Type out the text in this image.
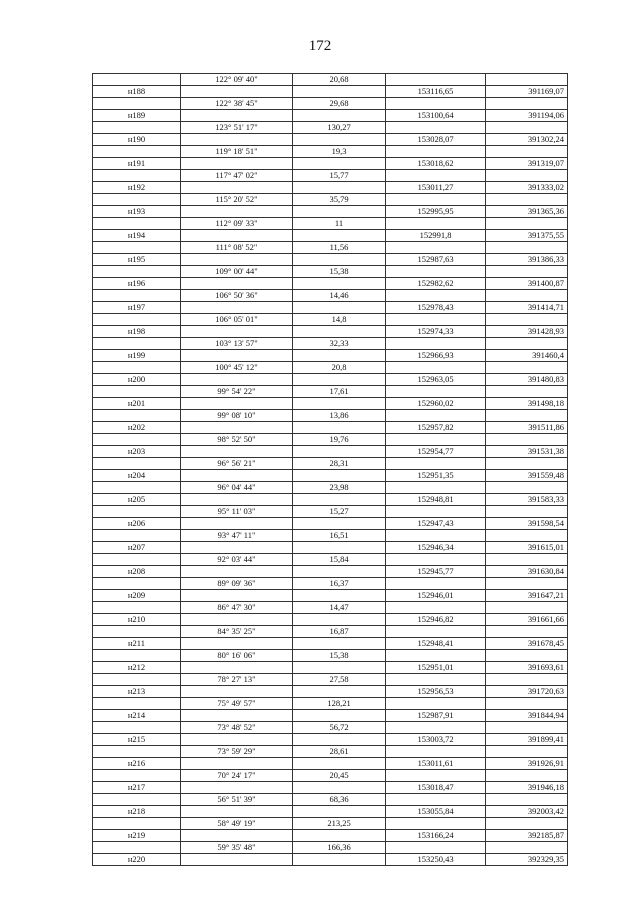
172
	122° 09' 40"	20,68		
н188			153116,65	391169,07
	122° 38' 45"	29,68		
н189			153100,64	391194,06
	123° 51' 17"	130,27		
н190			153028,07	391302,24
	119° 18' 51"	19,3		
н191			153018,62	391319,07
	117° 47' 02"	15,77		
н192			153011,27	391333,02
	115° 20' 52"	35,79		
н193			152995,95	391365,36
	112° 09' 33"	11		
н194			152991,8	391375,55
	111° 08' 52"	11,56		
н195			152987,63	391386,33
	109° 00' 44"	15,38		
н196			152982,62	391400,87
	106° 50' 36"	14,46		
н197			152978,43	391414,71
	106° 05' 01"	14,8		
н198			152974,33	391428,93
	103° 13' 57"	32,33		
н199			152966,93	391460,4
	100° 45' 12"	20,8		
н200			152963,05	391480,83
	99° 54' 22"	17,61		
н201			152960,02	391498,18
	99° 08' 10"	13,86		
н202			152957,82	391511,86
	98° 52' 50"	19,76		
н203			152954,77	391531,38
	96° 56' 21"	28,31		
н204			152951,35	391559,48
	96° 04' 44"	23,98		
н205			152948,81	391583,33
	95° 11' 03"	15,27		
н206			152947,43	391598,54
	93° 47' 11"	16,51		
н207			152946,34	391615,01
	92° 03' 44"	15,84		
н208			152945,77	391630,84
	89° 09' 36"	16,37		
н209			152946,01	391647,21
	86° 47' 30"	14,47		
н210			152946,82	391661,66
	84° 35' 25"	16,87		
н211			152948,41	391678,45
	80° 16' 06"	15,38		
н212			152951,01	391693,61
	78° 27' 13"	27,58		
н213			152956,53	391720,63
	75° 49' 57"	128,21		
н214			152987,91	391844,94
	73° 48' 52"	56,72		
н215			153003,72	391899,41
	73° 59' 29"	28,61		
н216			153011,61	391926,91
	70° 24' 17"	20,45		
н217			153018,47	391946,18
	56° 51' 39"	68,36		
н218			153055,84	392003,42
	58° 49' 19"	213,25		
н219			153166,24	392185,87
	59° 35' 48"	166,36		
н220			153250,43	392329,35
